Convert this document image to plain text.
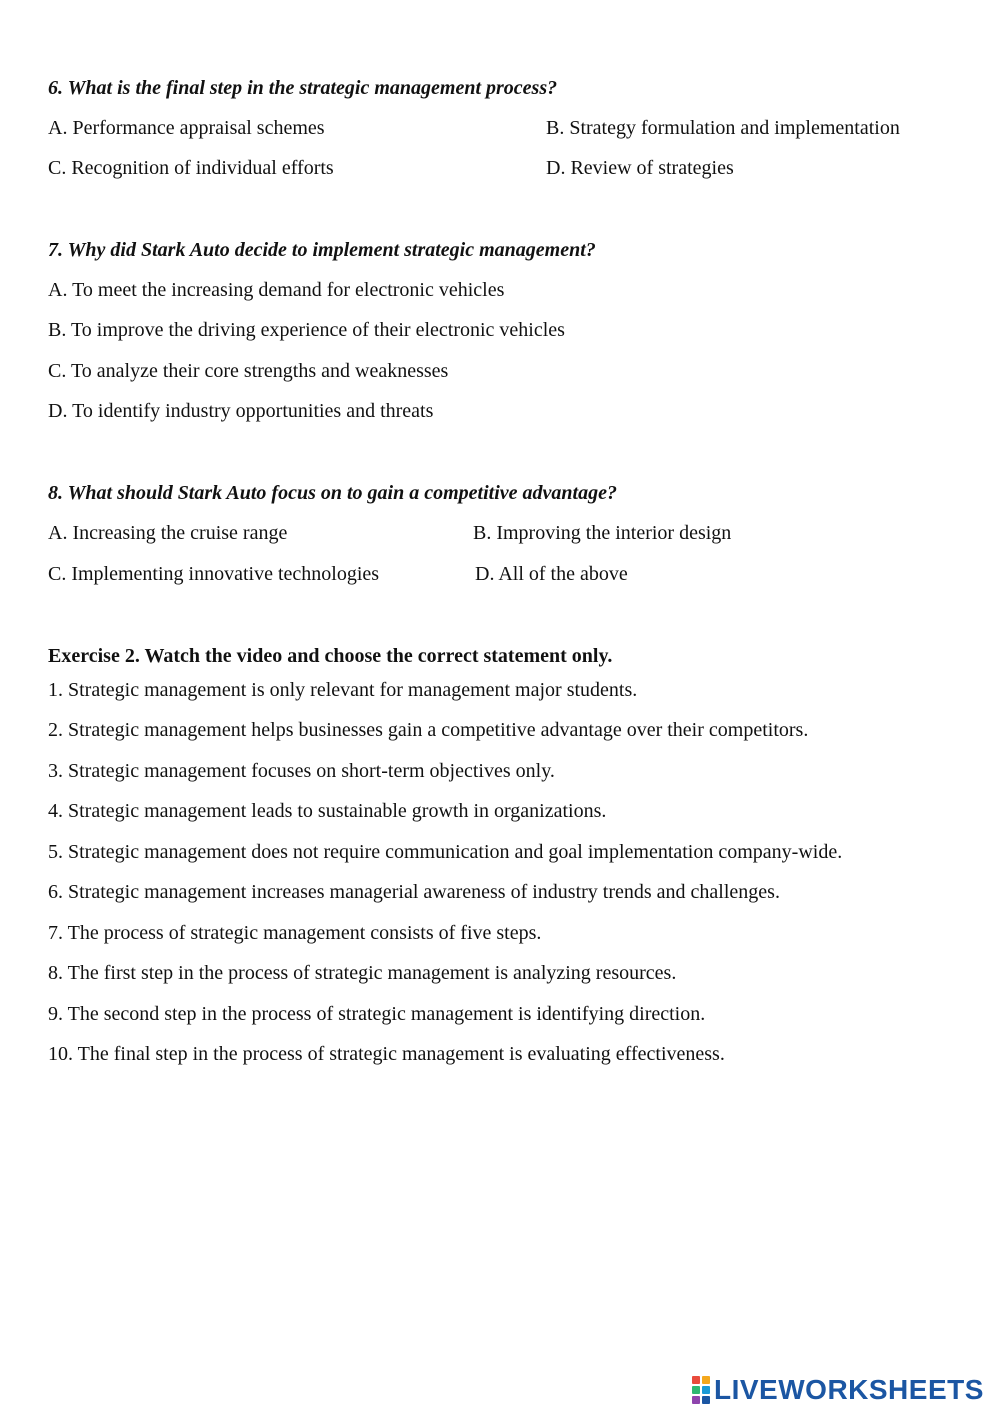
6. What is the final step in the strategic management process?
A. Performance appraisal schemes	B. Strategy formulation and implementation
C. Recognition of individual efforts	D. Review of strategies
7. Why did Stark Auto decide to implement strategic management?
A. To meet the increasing demand for electronic vehicles
B. To improve the driving experience of their electronic vehicles
C. To analyze their core strengths and weaknesses
D. To identify industry opportunities and threats
8. What should Stark Auto focus on to gain a competitive advantage?
A. Increasing the cruise range	B. Improving the interior design
C. Implementing innovative technologies	D. All of the above
Exercise 2. Watch the video and choose the correct statement only.
1. Strategic management is only relevant for management major students.
2. Strategic management helps businesses gain a competitive advantage over their competitors.
3. Strategic management focuses on short-term objectives only.
4. Strategic management leads to sustainable growth in organizations.
5. Strategic management does not require communication and goal implementation company-wide.
6. Strategic management increases managerial awareness of industry trends and challenges.
7. The process of strategic management consists of five steps.
8. The first step in the process of strategic management is analyzing resources.
9. The second step in the process of strategic management is identifying direction.
10. The final step in the process of strategic management is evaluating effectiveness.
LIVEWORKSHEETS
